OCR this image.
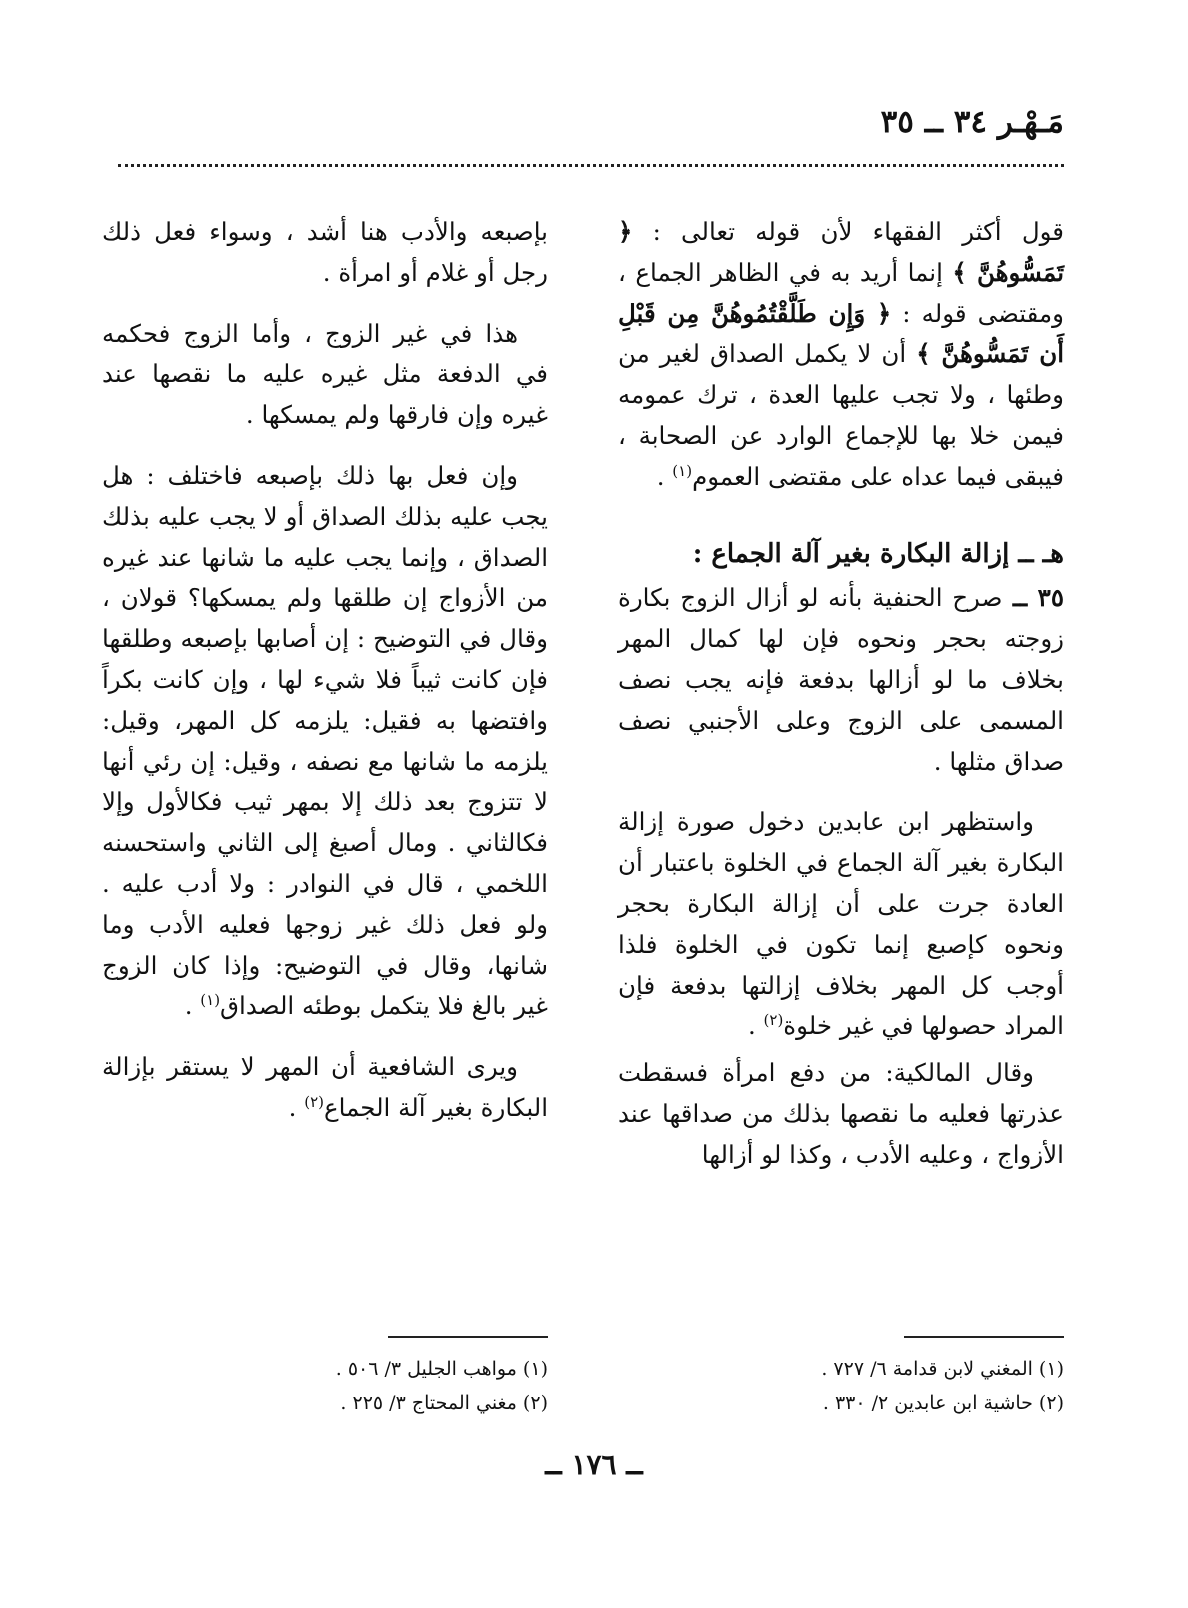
مَـهْـر ٣٤ ــ ٣٥

قول أكثر الفقهاء لأن قوله تعالى : ﴿ تَمَسُّوهُنَّ ﴾ إنما أريد به في الظاهر الجماع ، ومقتضى قوله : ﴿ وَإِن طَلَّقْتُمُوهُنَّ مِن قَبْلِ أَن تَمَسُّوهُنَّ ﴾ أن لا يكمل الصداق لغير من وطئها ، ولا تجب عليها العدة ، ترك عمومه فيمن خلا بها للإجماع الوارد عن الصحابة ، فيبقى فيما عداه على مقتضى العموم$^{(١)}$ .

هـ ــ إزالة البكارة بغير آلة الجماع :

٣٥ ــ صرح الحنفية بأنه لو أزال الزوج بكارة زوجته بحجر ونحوه فإن لها كمال المهر بخلاف ما لو أزالها بدفعة فإنه يجب نصف المسمى على الزوج وعلى الأجنبي نصف صداق مثلها .

واستظهر ابن عابدين دخول صورة إزالة البكارة بغير آلة الجماع في الخلوة باعتبار أن العادة جرت على أن إزالة البكارة بحجر ونحوه كإصبع إنما تكون في الخلوة فلذا أوجب كل المهر بخلاف إزالتها بدفعة فإن المراد حصولها في غير خلوة$^{(٢)}$ .

وقال المالكية: من دفع امرأة فسقطت عذرتها فعليه ما نقصها بذلك من صداقها عند الأزواج ، وعليه الأدب ، وكذا لو أزالها

بإصبعه والأدب هنا أشد ، وسواء فعل ذلك رجل أو غلام أو امرأة .

هذا في غير الزوج ، وأما الزوج فحكمه في الدفعة مثل غيره عليه ما نقصها عند غيره وإن فارقها ولم يمسكها .

وإن فعل بها ذلك بإصبعه فاختلف : هل يجب عليه بذلك الصداق أو لا يجب عليه بذلك الصداق ، وإنما يجب عليه ما شانها عند غيره من الأزواج إن طلقها ولم يمسكها؟ قولان ، وقال في التوضيح : إن أصابها بإصبعه وطلقها فإن كانت ثيباً فلا شيء لها ، وإن كانت بكراً وافتضها به فقيل: يلزمه كل المهر، وقيل: يلزمه ما شانها مع نصفه ، وقيل: إن رئي أنها لا تتزوج بعد ذلك إلا بمهر ثيب فكالأول وإلا فكالثاني . ومال أصبغ إلى الثاني واستحسنه اللخمي ، قال في النوادر : ولا أدب عليه . ولو فعل ذلك غير زوجها فعليه الأدب وما شانها، وقال في التوضيح: وإذا كان الزوج غير بالغ فلا يتكمل بوطئه الصداق$^{(١)}$ .

ويرى الشافعية أن المهر لا يستقر بإزالة البكارة بغير آلة الجماع$^{(٢)}$ .

(١) المغني لابن قدامة ٦/ ٧٢٧ .
(٢) حاشية ابن عابدين ٢/ ٣٣٠ .
(١) مواهب الجليل ٣/ ٥٠٦ .
(٢) مغني المحتاج ٣/ ٢٢٥ .
ــ ١٧٦ ــ
